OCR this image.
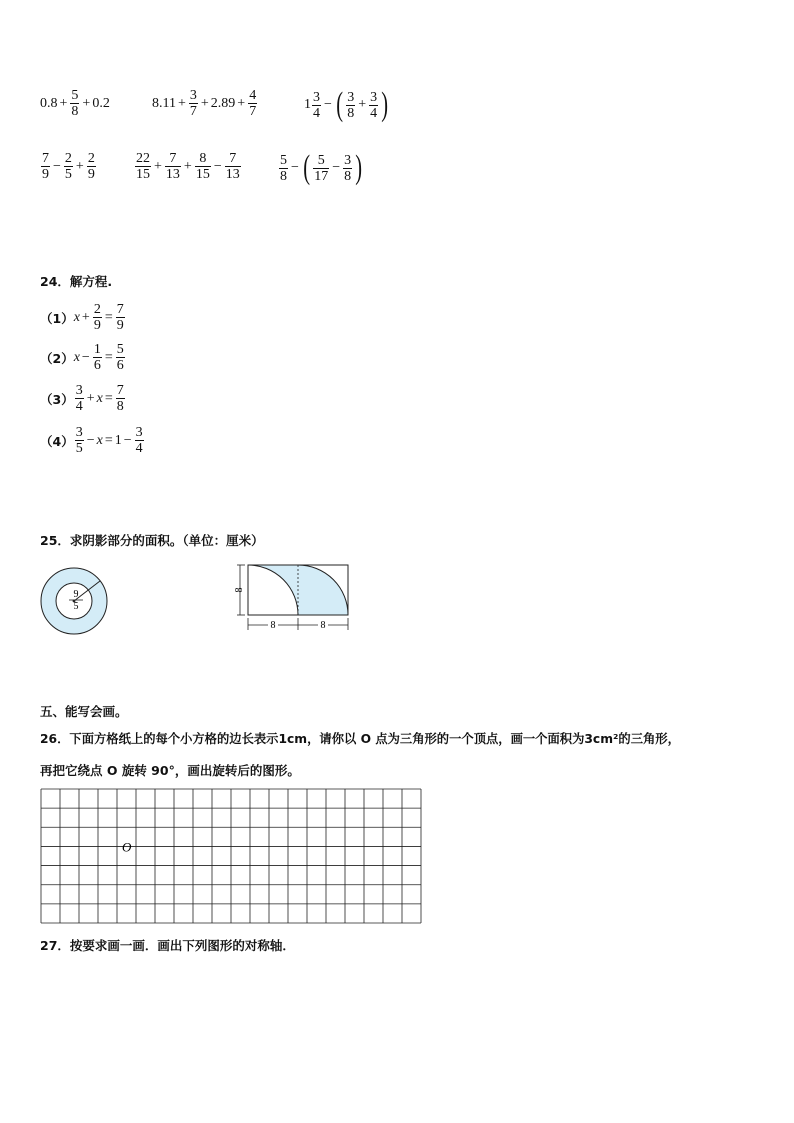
$0.8 + \frac{5}{8} + 0.2$	$8.11 + \frac{3}{7} + 2.89 + \frac{4}{7}$	$1 \frac{3}{4}$ − ( $\frac{3}{8} + \frac{3}{4}$ )
$\frac{7}{9} - \frac{2}{5} + \frac{2}{9}$	$\frac{22}{15} + \frac{7}{13} + \frac{8}{15} - \frac{7}{13}$	$\frac{5}{8}$ − ( $\frac{5}{17} - \frac{3}{8}$ )
24．解方程.
（1） $x + \frac{2}{9} = \frac{7}{9}$
（2） $x - \frac{1}{6} = \frac{5}{6}$
$(3) \frac{3}{4} + x = \frac{7}{8}$
$(4) \frac{3}{5} - x = 1 - \frac{3}{4}$
25．求阴影部分的面积。（单位：厘米）
9
5
8
8	8
五、能写会画。
26．下面方格纸上的每个小方格的边长表示1cm，请你以 O 点为三角形的一个顶点，画一个面积为3cm²的三角形，
再把它绕点 O 旋转 90°，画出旋转后的图形。
O
27．按要求画一画．画出下列图形的对称轴．
